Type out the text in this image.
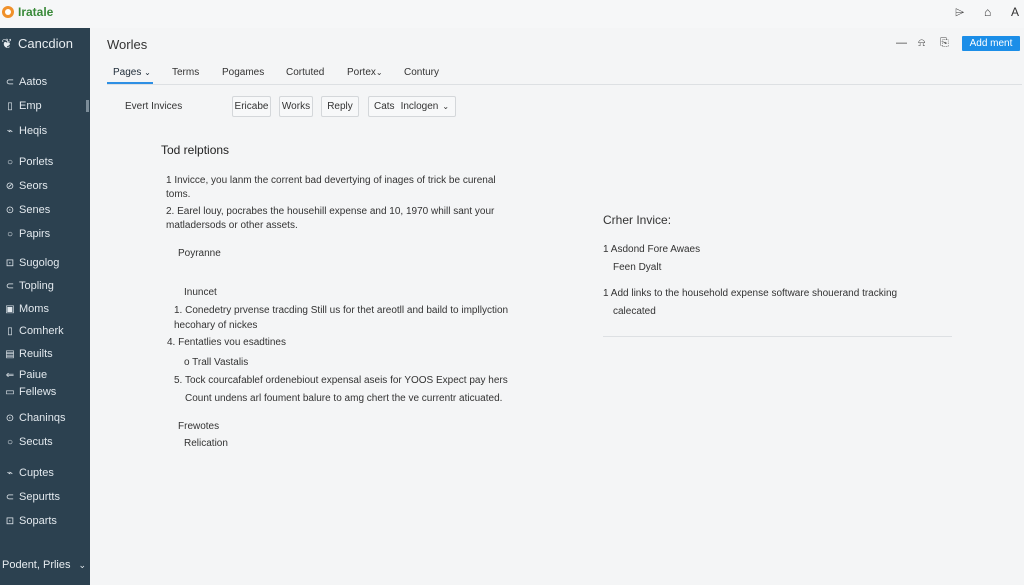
Iratale	⌲ ⌂ A
❦ Cancdion
⊂ Aatos
▯ Emp
⌁ Heqis
○ Porlets
⊘ Seors
⊙ Senes
○ Papirs
⊡ Sugolog
⊂ Topling
▣ Moms
▯ Comherk
▤ Reuilts
⇐ Paiue
▭ Fellews
⊙ Chaninqs
○ Secuts
⌁ Cuptes
⊂ Sepurtts
⊡ Soparts
Podent, Prlies ⌄
Worles	— ⍾ ⎘	Add ment
Pages ⌄ Terms Pogames Cortuted Portex⌄ Contury
Evert Invices	Ericabe Works	Reply	Cats Inclogen ⌄
Tod relptions
1 Invicce, you lanm the corrent bad devertying of inages of trick be curenal
toms.
2. Earel louy, pocrabes the househill expense and 10, 1970 whill sant your
matladersods or other assets.
Poyranne
Inuncet
1. Conedetry prvense tracding Still us for thet areotll and baild to impllyction
hecohary of nickes
4. Fentatlies vou esadtines
o Trall Vastalis
5. Tock courcafablef ordenebiout expensal aseis for YOOS Expect pay hers
Count undens arl foument balure to amg chert the ve currentr aticuated.
Frewotes
Relication
Crher Invice:
1 Asdond Fore Awaes
Feen Dyalt
1 Add links to the household expense software shouerand tracking
calecated
